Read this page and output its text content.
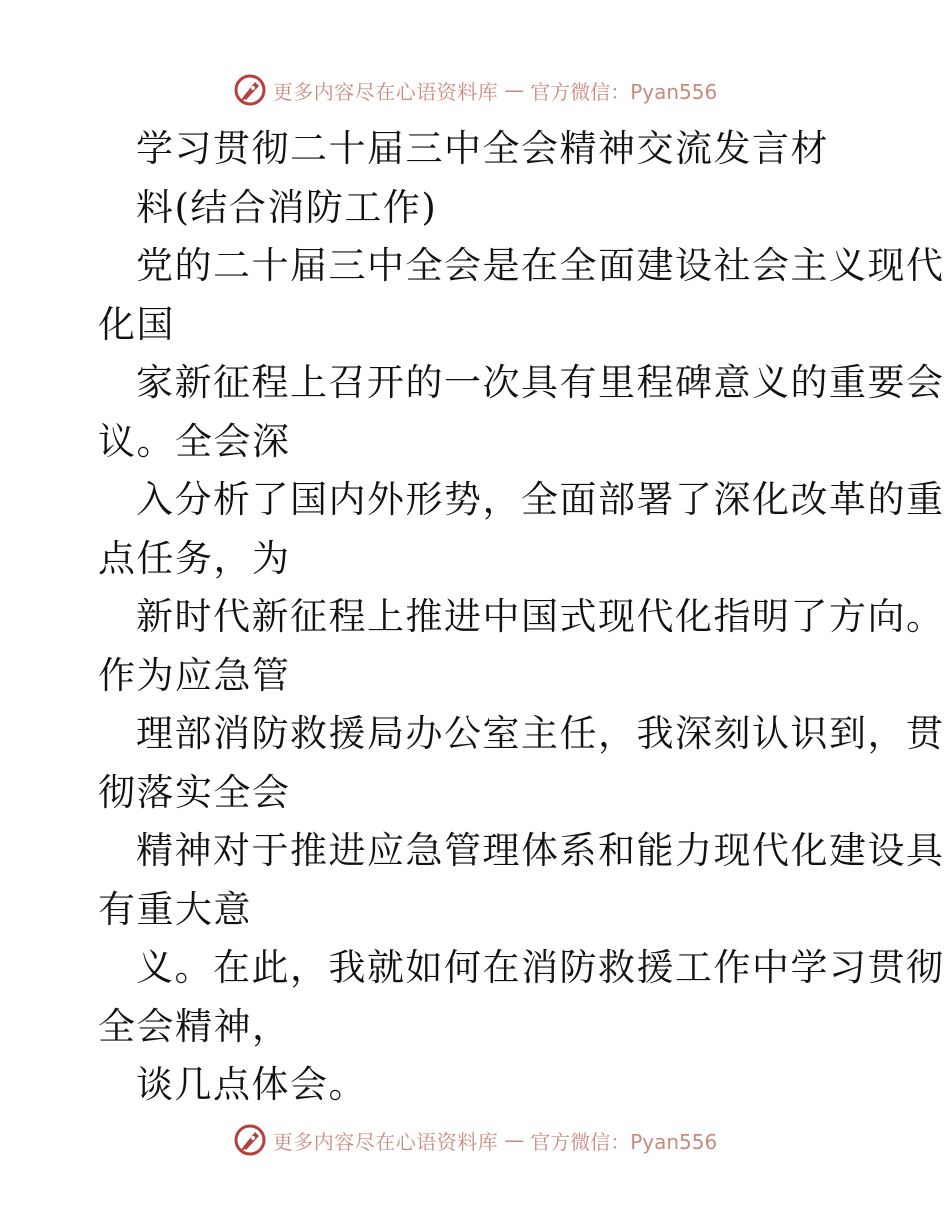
更多内容尽在心语资料库 — 官方微信：Pyan556
学习贯彻二十届三中全会精神交流发言材
料(结合消防工作)
党的二十届三中全会是在全面建设社会主义现代
化国
家新征程上召开的一次具有里程碑意义的重要会
议。全会深
入分析了国内外形势，全面部署了深化改革的重
点任务，为
新时代新征程上推进中国式现代化指明了方向。
作为应急管
理部消防救援局办公室主任，我深刻认识到，贯
彻落实全会
精神对于推进应急管理体系和能力现代化建设具
有重大意
义。在此，我就如何在消防救援工作中学习贯彻
全会精神，
谈几点体会。
更多内容尽在心语资料库 — 官方微信：Pyan556
